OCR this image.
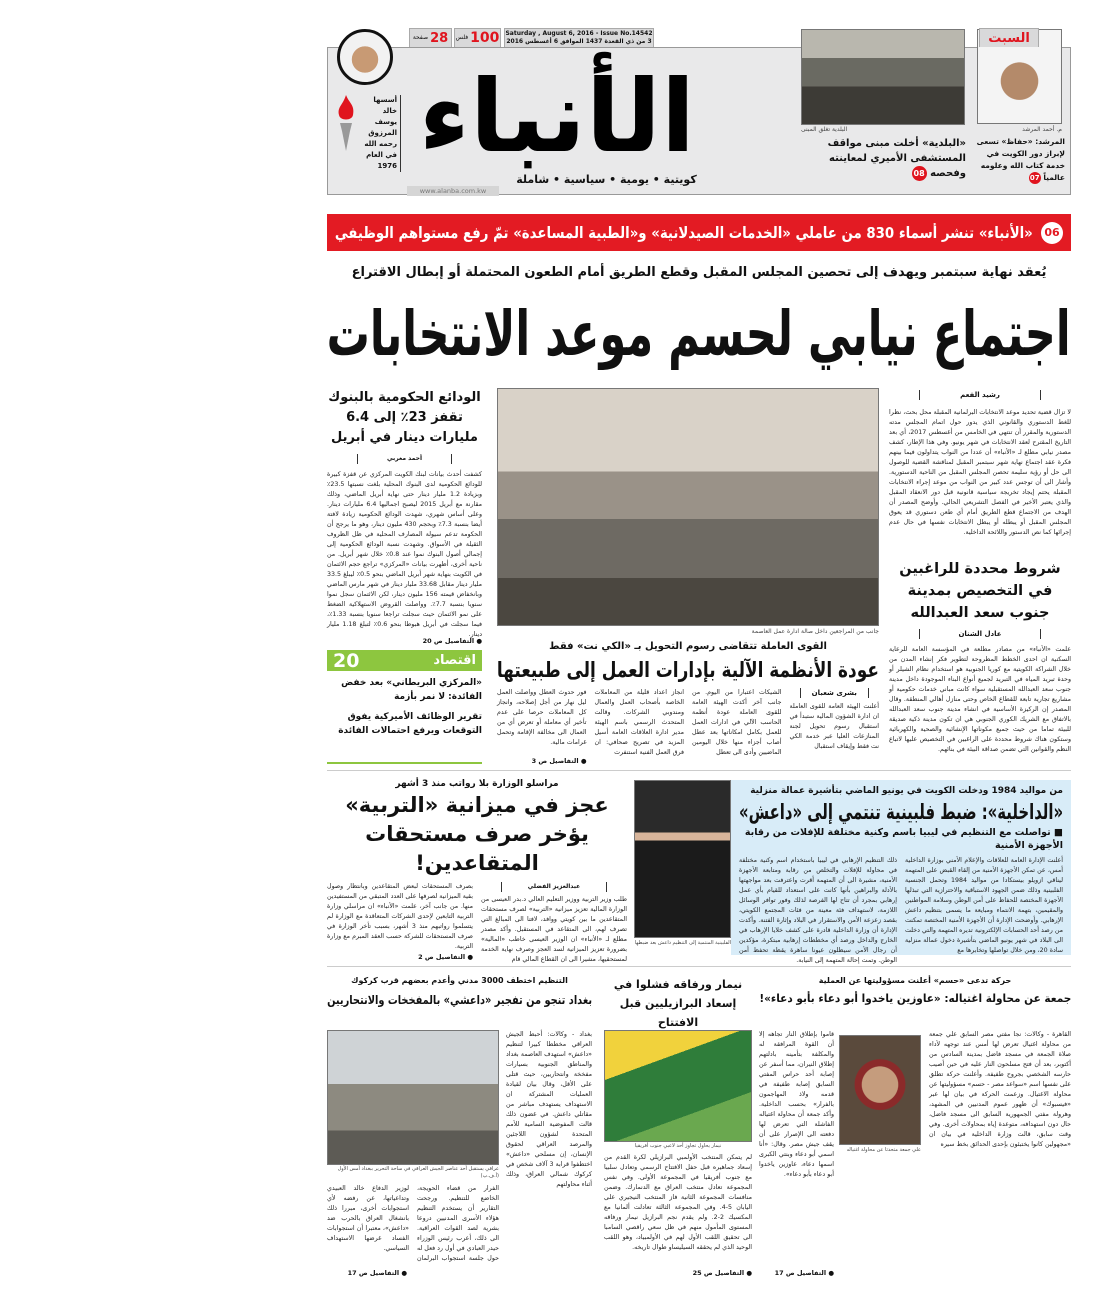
السبت
Saturday , August 6, 2016 - Issue No.14542
3 من ذي القعدة 1437 الموافق 6 أغسطس 2016
100
فلس
28
صفحة
أسسها
خالد يوسف
المرزوق
رحمه الله
في العام
1976 الأنباء
كويتية • يومية • سياسية • شاملة
www.alanba.com.kw
البلدية تغلق المبنى
«البلدية» أخلت مبنى مواقف المستشفى الأميري لمعاينته وفحصه 08
م. أحمد المرشد
المرشد: «حفاظ» تسعى لإبراز دور الكويت في خدمة كتاب الله وعلومه عالمياً 07
06
«الأنباء» تنشر أسماء 830 من عاملي «الخدمات الصيدلانية» و«الطبية المساعدة» تمّ رفع مستواهم الوظيفي
يُعقد نهاية سبتمبر ويهدف إلى تحصين المجلس المقبل وقطع الطريق أمام الطعون المحتملة أو إبطال الاقتراع
اجتماع نيابي لحسم موعد الانتخابات
رشيد الفعم
لا تزال قضية تحديد موعد الانتخابات البرلمانية المقبلة محل بحث، نظرا للغط الدستوري والقانوني الذي يدور حول اتمام المجلس مدته الدستورية والمقرر أن تنتهي في الخامس من أغسطس 2017، أي بعد التاريخ المقترح لعقد الانتخابات في شهر يونيو. وفي هذا الإطار، كشف مصدر نيابي مطلع لـ «الأنباء» أن عددا من النواب يتداولون فيما بينهم فكرة عقد اجتماع نهاية شهر سبتمبر المقبل لمناقشة القضية للوصول الى حل أو رؤية سليمة تحصن المجلس المقبل من الناحية الدستورية. وأشار الى أن توجس عدد كبير من النواب من موعد إجراء الانتخابات المقبلة يحتم إيجاد تخريجة سياسية قانونية قبل دور الانعقاد المقبل والذي يعتبر الأخير في الفصل التشريعي الحالي. وأوضح المصدر أن الهدف من الاجتماع قطع الطريق أمام أي طعن دستوري قد يعوق المجلس المقبل أو يبطله أو يبطل الانتخابات نفسها في حال عدم إجرائها كما نص الدستور واللائحة الداخلية.
شروط محددة للراغبين في التخصيص بمدينة جنوب سعد العبدالله
عادل الشنان
علمت «الأنباء» من مصادر مطلعة في المؤسسة العامة للرعاية السكنية ان احدى الخطط المطروحة لتطوير فكر إنشاء المدن من خلال الشراكة الكويتية مع كوريا الجنوبية هو استخدام نظام الشيلر أو وحدة تبريد المياه في التبريد لجميع أنواع البناء الموجودة داخل مدينة جنوب سعد العبدالله المستقبلية سواء كانت مباني خدمات حكومية أو مشاريع تجارية تابعة للقطاع الخاص وحتى منازل أهالي المنطقة. وقال المصدر إن الركيزة الأساسية في انشاء مدينة جنوب سعد العبدالله بالاتفاق مع الشريك الكوري الجنوبي هي ان تكون مدينة ذكية صديقة للبيئة تماما من حيث جميع مكوناتها الإنشائية والصحية والكهربائية وستكون هناك شروط محددة على الراغبين في التخصيص عليها لاتباع النظم والقوانين التي تضمن صداقة البيئة في بنائهم.
الودائع الحكومية بالبنوك تقفز 23٪ إلى 6.4 مليارات دينار في أبريل
أحمد مغربي
كشفت أحدث بيانات لبنك الكويت المركزي عن قفزة كبيرة للودائع الحكومية لدى البنوك المحلية بلغت نسبتها 23.5٪ وبزيادة 1.2 مليار دينار حتى نهاية أبريل الماضي، وذلك مقارنة مع أبريل 2015 ليصبح اجماليها 6.4 مليارات دينار. وعلى أساس شهري، شهدت الودائع الحكومية زيادة لافتة أيضا بنسبة 7.3٪ وبحجم 430 مليون دينار، وهو ما يرجح أن الحكومة تدعم سيولة المصارف المحلية في ظل الظروف الثقيلة في الأسواق. وشهدت نسبة الودائع الحكومية إلى إجمالي أصول البنوك نموا عند 0.8٪ خلال شهر أبريل. من ناحية أخرى، أظهرت بيانات «المركزي» تراجع حجم الائتمان في الكويت بنهاية شهر أبريل الماضي بنحو 0.5٪ ليبلغ 33.5 مليار دينار مقابل 33.68 مليار دينار في شهر مارس الماضي وبانخفاض قيمته 156 مليون دينار، لكن الائتمان سجل نموا سنويا بنسبة 7.7٪. وواصلت القروض الاستهلاكية الضغط على نمو الائتمان حيث سجلت تراجعا سنويا بنسبة 1.33٪، فيما سجلت في أبريل هبوطا بنحو 0.6٪ لتبلغ 1.18 مليار دينار.
● التفاصيل ص 20
اقتصاد
20
«المركزي البريطاني» بعد خفض الفائدة: لا نمر بأزمة
تقرير الوظائف الأميركية يفوق التوقعات ويرفع احتمالات الفائدة
جانب من المراجعين داخل صالة ادارة عمل العاصمة
القوى العاملة تتقاضى رسوم التحويل بـ «الكي نت» فقط
عودة الأنظمة الآلية بإدارات العمل إلى طبيعتها
بشرى شعبان
أعلنت الهيئة العامة للقوى العاملة ان ادارة الشؤون المالية ستبدأ في استقبال رسوم تحويل لجنة المنازعات العليا عبر خدمة الكي نت فقط وإيقاف استقبال
الشيكات اعتبارا من اليوم. من جانب آخر أكدت الهيئة العامة للقوى العاملة عودة أنظمة الحاسب الآلي في ادارات العمل للعمل بكامل امكاناتها بعد عطل أصاب أجزاء منها خلال اليومين الماضيين وأدى الى تعطل
انجاز اعداد قليلة من المعاملات الخاصة بأصحاب العمل والعمال ومندوبي الشركات. وقالت المتحدث الرسمي باسم الهيئة مدير ادارة العلاقات العامة أسيل المزيد في تصريح صحافي: ان فرق العمل الفنية استنفرت
فور حدوث العطل وواصلت العمل ليل نهار من أجل إصلاحه، وانجاز كل المعاملات حرصا على عدم تأخير أي معاملة أو تعرض أي من العمال الى مخالفة الإقامة وتحمل غرامات مالية.
● التفاصيل ص 3
مراسلو الوزارة بلا رواتب منذ 3 أشهر
عجز في ميزانية «التربية» يؤخر صرف مستحقات المتقاعدين!
عبدالعزيز الفضلي
طلب وزير التربية ووزير التعليم العالي د.بدر العيسى من الوزارة المالية تعزيز ميزانية «التربية» لصرف مستحقات المتقاعدين ما بين كويتي ووافد، لافتا الى المبالغ التي تصرف لهم، الى المتقاعد في المستقبل. وأكد مصدر مطلع لـ «الأنباء» ان الوزير العيسى خاطب «المالية» بضرورة تعزيز الميزانية لسد العجز وصرف نهاية الخدمة لمستحقيها، مشيرا الى ان القطاع المالي قام
بصرف المستحقات لبعض المتقاعدين وبانتظار وصول بقية الميزانية لصرفها على العدد المتبقي من المستفيدين منها. من جانب آخر، علمت «الأنباء» ان مراسلي وزارة التربية التابعين لإحدى الشركات المتعاقدة مع الوزارة لم يتسلموا رواتبهم منذ 3 أشهر، بسبب تأخر الوزارة في صرف المستحقات للشركة حسب العقد المبرم مع وزارة التربية.
● التفاصيل ص 2
الفلبينية المنتمية إلى التنظيم داعش بعد ضبطها
من مواليد 1984 ودخلت الكويت في يونيو الماضي بتأشيرة عمالة منزلية
«الداخلية»: ضبط فلبينية تنتمي إلى «داعش»
■ تواصلت مع التنظيم في ليبيا باسم وكنية مختلفة للإفلات من رقابة الأجهزة الأمنية
أعلنت الإدارة العامة للعلاقات والإعلام الأمني بوزارة الداخلية أمس، عن تمكن الأجهزة الأمنية من إلقاء القبض على المتهمة ليناقي ازويلو بيستكادا من مواليد 1984 وتحمل الجنسية الفلبينية وذلك ضمن الجهود الاستباقية والاحترازية التي تبذلها الأجهزة المختصة للحفاظ على أمن الوطن وسلامة المواطنين والمقيمين، بتهمة الانتماء ومبايعة ما يسمى بتنظيم داعش الإرهابي. وأوضحت الإدارة أن الأجهزة الأمنية المختصة تمكنت من رصد أحد الحسابات الإلكترونية تديره المتهمة والتي دخلت الى البلاد في شهر يونيو الماضي بتأشيرة دخول عمالة منزلية سادة 20، ومن خلال تواصلها وتخابرها مع
ذلك التنظيم الإرهابي في ليبيا باستخدام اسم وكنية مختلفة في محاولة للإفلات والتخلص من رقابة ومتابعة الأجهزة الأمنية، مشيرة الى أن المتهمة أقرت واعترفت بعد مواجهتها بالأدلة والبراهين بأنها كانت على استعداد للقيام بأي عمل إرهابي بمجرد أن تتاح لها الفرصة لذلك وفور توافر الوسائل اللازمة، لاستهداف فئة معينة من فئات المجتمع الكويتي، بقصد زعزعة الأمن والاستقرار في البلاد وإثارة الفتنة. وأكدت الإدارة أن وزارة الداخلية قادرة على كشف خلايا الإرهاب في الخارج والداخل ورصد أي مخططات إرهابية مبتكرة، مؤكدين أن رجال الأمن سيظلون عيونا ساهرة يقظة تحفظ أمن الوطن. وتمت إحالة المتهمة إلى النيابة.
حركة تدعى «حسم» أعلنت مسؤوليتها عن العملية
جمعة عن محاولة اغتياله: «عاوزين ياخدوا أبو دعاء بأبو دعاء»!
علي جمعة متحدثا عن محاولة اغتياله
القاهرة - وكالات: نجا مفتي مصر السابق علي جمعة من محاولة اغتيال تعرض لها أمس عند توجهه لأداء صلاة الجمعة في مسجد فاضل بمدينة السادس من أكتوبر، بعد أن فتح مسلحون النار عليه في حين أصيب حارسه الشخصي بجروح طفيفة. وأعلنت حركة تطلق على نفسها اسم «سواعد مصر - حسم» مسؤوليتها عن محاولة الاغتيال. وزعمت الحركة في بيان لها عبر «فيسبوك» أن ظهور عموم المدنيين في المشهد، وهرولة مفتي الجمهورية السابق الى مسجد فاضل، حال دون استهدافه، متوعدة إياه بمحاولات أخرى. وفي وقت سابق، قالت وزارة الداخلية في بيان ان «مجهولين كانوا يختبئون بإحدى الحدائق بخط سيره
قاموا بإطلاق النار تجاهه إلا أن القوة المرافقة له والمكلفة بتأمينه بادلتهم إطلاق النيران، مما أسفر عن إصابة أحد حراس المفتي السابق إصابة طفيفة في قدمه ولاذ المهاجمون بالفرار» بحسب الداخلية. وأكد جمعة أن محاولة اغتياله الفاشلة التي تعرض لها دفعته الى الإصرار على أن يقف جيش مصر. وقال: «أنا اسمي أبو دعاء وبنتي الكبرى اسمها دعاء، عاوزين ياخدوا أبو دعاء بأبو دعاء».
● التفاصيل ص 17
نيمار ورفاقه فشلوا في إسعاد البرازيليين قبل الافتتاح
نيمار يحاول تجاوز أحد لاعبي جنوب أفريقيا
لم يتمكن المنتخب الأولمبي البرازيلي لكرة القدم من إسعاد جماهيره قبل حفل الافتتاح الرسمي وتعادل سلبيا مع جنوب أفريقيا في المجموعة الأولى. وفي نفس المجموعة تعادل منتخب العراق مع الدنمارك. وضمن منافسات المجموعة الثانية فاز المنتخب النيجيري على اليابان 5-4. وفي المجموعة الثالثة تعادلت ألمانيا مع المكسيك 2-2. ولم يقدم نجم البرازيل نيمار ورفاقه المستوى المأمول منهم في ظل سعي راقصي السامبا الى تحقيق اللقب الأول لهم في الأولمبياد، وهو اللقب الوحيد الذي لم يحققه السيليساو طوال تاريخه.
● التفاصيل ص 25
التنظيم اختطف 3000 مدني وأعدم بعضهم قرب كركوك
بغداد تنجو من تفجير «داعشي» بالمفخخات والانتحاريين
عراقي يستقبل أحد عناصر الجيش العراقي في ساحة التحرير ببغداد أمس الأول (أ.ف.پ)
بغداد - وكالات: أحبط الجيش العراقي مخططا كبيرا لتنظيم «داعش» استهدف العاصمة بغداد والمناطق الجنوبية بسيارات مفخخة وانتحاريين، حيث قتلى على الأقل، وقال بيان لقيادة العمليات المشتركة ان الاستهداف يستهدف مباشر من مقاتلي داعش. في غضون ذلك قالت المفوضية السامية للأمم المتحدة لشؤون اللاجئين والمرصد العراقي لحقوق الإنسان، إن مسلحي «داعش» اختطفوا قرابة 3 آلاف شخص في كركوك شمالي العراق، وذلك أثناء محاولتهم
الفرار من قضاء الحويجة، الخاضع للتنظيم. ورجحت التقارير أن يستخدم التنظيم هؤلاء الأسرى المدنيين دروعا بشرية لصد القوات العراقية. الى ذلك، أعرب رئيس الوزراء حيدر العبادي في أول رد فعل له حول جلسة استجواب البرلمان لوزير الدفاع خالد العبيدي وتداعياتها، عن رفضه لأي استجوابات أخرى، مبررا ذلك بانشغال العراق بالحرب ضد «داعش»، معتبرا أن استجوابات الفساد غرضها الاستهداف السياسي.
● التفاصيل ص 17
